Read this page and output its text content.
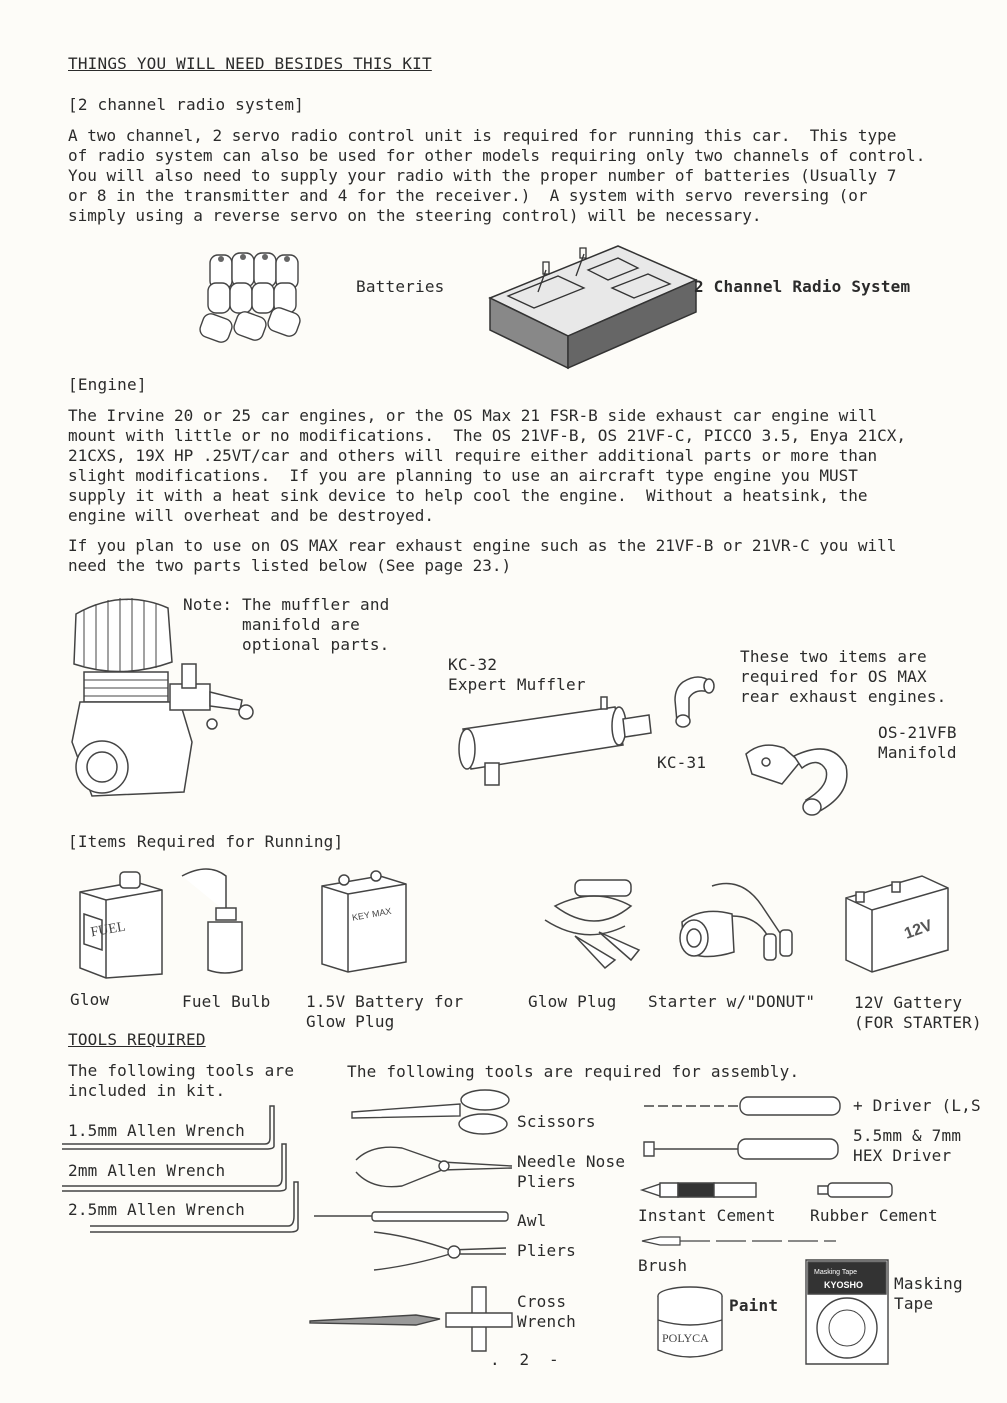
THINGS YOU WILL NEED BESIDES THIS KIT
[2 channel radio system]
A two channel, 2 servo radio control unit is required for running this car.  This type
of radio system can also be used for other models requiring only two channels of control.
You will also need to supply your radio with the proper number of batteries (Usually 7
or 8 in the transmitter and 4 for the receiver.)  A system with servo reversing (or
simply using a reverse servo on the steering control) will be necessary.
Batteries	2 Channel Radio System
[Engine]
The Irvine 20 or 25 car engines, or the OS Max 21 FSR-B side exhaust car engine will
mount with little or no modifications.  The OS 21VF-B, OS 21VF-C, PICCO 3.5, Enya 21CX,
21CXS, 19X HP .25VT/car and others will require either additional parts or more than
slight modifications.  If you are planning to use an aircraft type engine you MUST
supply it with a heat sink device to help cool the engine.  Without a heatsink, the
engine will overheat and be destroyed.
If you plan to use on OS MAX rear exhaust engine such as the 21VF-B or 21VR-C you will
need the two parts listed below (See page 23.)
Note: The muffler and
manifold are
optional parts.
KC-32
Expert Muffler
KC-31
These two items are
required for OS MAX
rear exhaust engines.
OS-21VFB
Manifold
[Items Required for Running]
FUEL
KEY MAX
12V
Glow	Fuel Bulb 1.5V Battery for
Glow Plug
Glow Plug Starter w/"DONUT" 12V Gattery
(FOR STARTER)
TOOLS REQUIRED
The following tools are
included in kit.
The following tools are required for assembly.
1.5mm Allen Wrench
2mm Allen Wrench
2.5mm Allen Wrench
Scissors
Needle Nose
Pliers
Awl
Pliers
Cross
Wrench
+ Driver (L,S
5.5mm & 7mm
HEX Driver
Instant Cement Rubber Cement
Brush
POLYCA
Paint
Masking Tape
KYOSHO Masking
Tape
.  2  -
